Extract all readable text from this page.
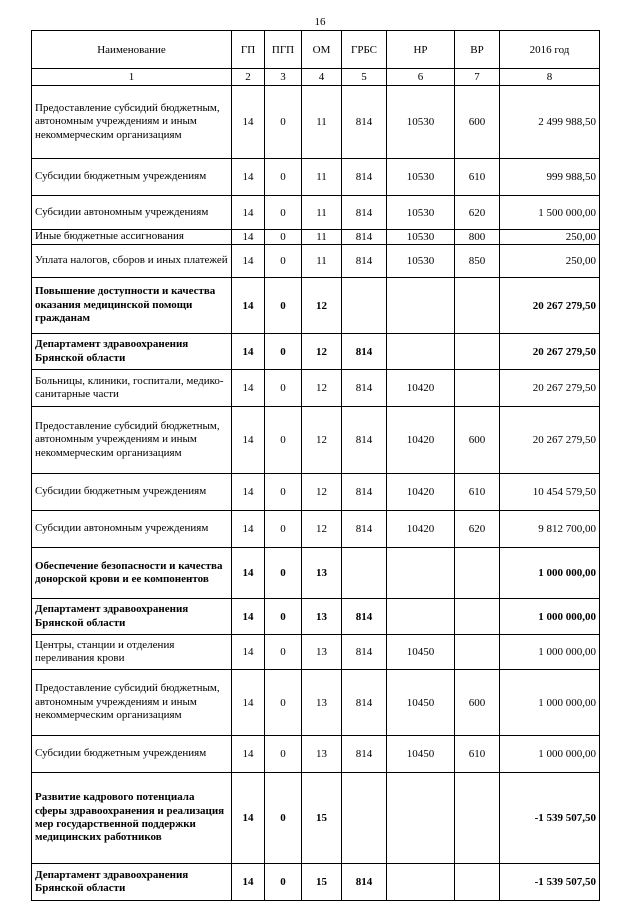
16
Наименование	ГП	ПГП	ОМ	ГРБС	НР	ВР	2016 год
1	2	3	4	5	6	7	8
Предоставление субсидий бюджетным, автономным учреждениям и иным некоммерческим организациям	14	0	11	814	10530	600	2 499 988,50
Субсидии бюджетным учреждениям	14	0	11	814	10530	610	999 988,50
Субсидии автономным учреждениям	14	0	11	814	10530	620	1 500 000,00
Иные бюджетные ассигнования	14	0	11	814	10530	800	250,00
Уплата налогов, сборов и иных платежей	14	0	11	814	10530	850	250,00
Повышение доступности и качества оказания медицинской помощи гражданам	14	0	12				20 267 279,50
Департамент здравоохранения Брянской области	14	0	12	814			20 267 279,50
Больницы, клиники, госпитали, медико-санитарные части	14	0	12	814	10420		20 267 279,50
Предоставление субсидий бюджетным, автономным учреждениям и иным некоммерческим организациям	14	0	12	814	10420	600	20 267 279,50
Субсидии бюджетным учреждениям	14	0	12	814	10420	610	10 454 579,50
Субсидии автономным учреждениям	14	0	12	814	10420	620	9 812 700,00
Обеспечение безопасности и качества донорской крови и ее компонентов	14	0	13				1 000 000,00
Департамент здравоохранения Брянской области	14	0	13	814			1 000 000,00
Центры, станции и отделения переливания крови	14	0	13	814	10450		1 000 000,00
Предоставление субсидий бюджетным, автономным учреждениям и иным некоммерческим организациям	14	0	13	814	10450	600	1 000 000,00
Субсидии бюджетным учреждениям	14	0	13	814	10450	610	1 000 000,00
Развитие кадрового потенциала сферы здравоохранения и реализация мер государственной поддержки медицинских работников	14	0	15				-1 539 507,50
Департамент здравоохранения Брянской области	14	0	15	814			-1 539 507,50
